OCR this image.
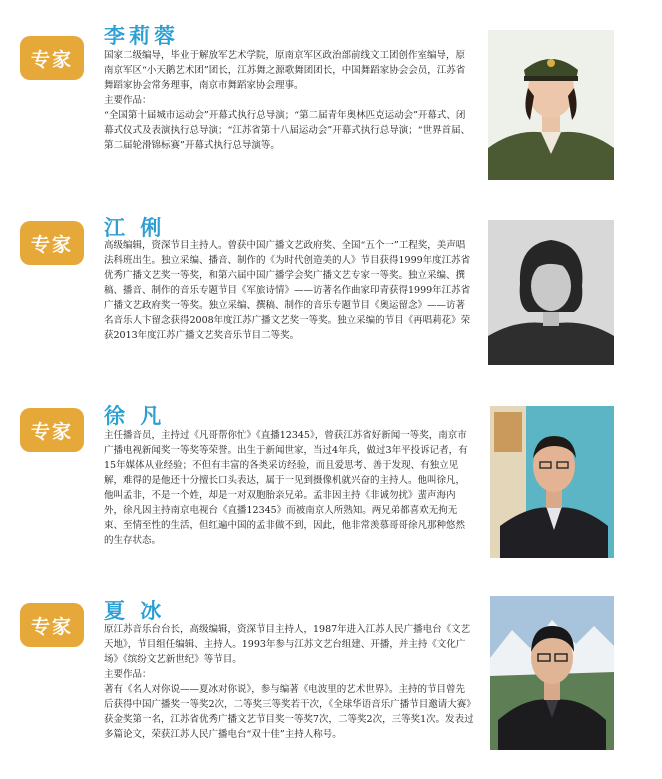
专家
李莉蓉

国家二级编导，毕业于解放军艺术学院，原南京军区政治部前线文工团创作室编导，原南京军区“小天鹅艺术团”团长，江苏舞之源歌舞团团长，中国舞蹈家协会会员，江苏省舞蹈家协会常务理事，南京市舞蹈家协会理事。

主要作品：

“全国第十届城市运动会”开幕式执行总导演；“第二届青年奥林匹克运动会”开幕式、闭幕式仪式及表演执行总导演；“江苏省第十八届运动会”开幕式执行总导演；“世界首届、第二届轮滑锦标赛”开幕式执行总导演等。

专家
江 俐

高级编辑，资深节目主持人。曾获中国广播文艺政府奖、全国“五个一”工程奖，美声唱法科班出生。独立采编、播音、制作的《为时代创造美的人》节目获得1999年度江苏省优秀广播文艺奖一等奖，和第六届中国广播学会奖广播文艺专家一等奖。独立采编、撰稿、播音、制作的音乐专题节目《军旅诗情》——访著名作曲家印青获得1999年江苏省广播文艺政府奖一等奖。独立采编、撰稿、制作的音乐专题节目《奥运留念》——访著名音乐人卞留念获得2008年度江苏广播文艺奖一等奖。独立采编的节目《再唱莉花》荣获2013年度江苏广播文艺奖音乐节目二等奖。

专家
徐 凡

主任播音员，主持过《凡哥帮你忙》《直播12345》，曾获江苏省好新闻一等奖，南京市广播电视新闻奖一等奖等荣誉。出生于新闻世家，当过4年兵，做过3年平投诉记者，有15年媒体从业经验；不但有丰富的各类采访经验，而且爱思考、善于发现、有独立见解，难得的是他还十分擅长口头表达，属于一见到摄像机就兴奋的主持人。他叫徐凡，他叫孟非，不是一个姓，却是一对双胞胎亲兄弟。孟非因主持《非诚勿扰》蜚声海内外，徐凡因主持南京电视台《直播12345》而被南京人所熟知。两兄弟都喜欢无拘无束、至情至性的生活，但红遍中国的孟非做不到，因此，他非常羡慕哥哥徐凡那种悠然的生存状态。

专家
夏 冰

原江苏音乐台台长，高级编辑，资深节目主持人，1987年进入江苏人民广播电台《文艺天地》，节目组任编辑、主持人。1993年参与江苏文艺台组建、开播，并主持《文化广场》《缤纷文艺新世纪》等节目。

主要作品：

著有《名人对你说——夏冰对你说》，参与编著《电波里的艺术世界》。主持的节目曾先后获得中国广播奖一等奖2次，二等奖三等奖若干次，《全球华语音乐广播节目邀请大赛》获金奖第一名，江苏省优秀广播文艺节目奖一等奖7次，二等奖2次，三等奖1次。发表过多篇论文，荣获江苏人民广播电台“双十佳”主持人称号。
